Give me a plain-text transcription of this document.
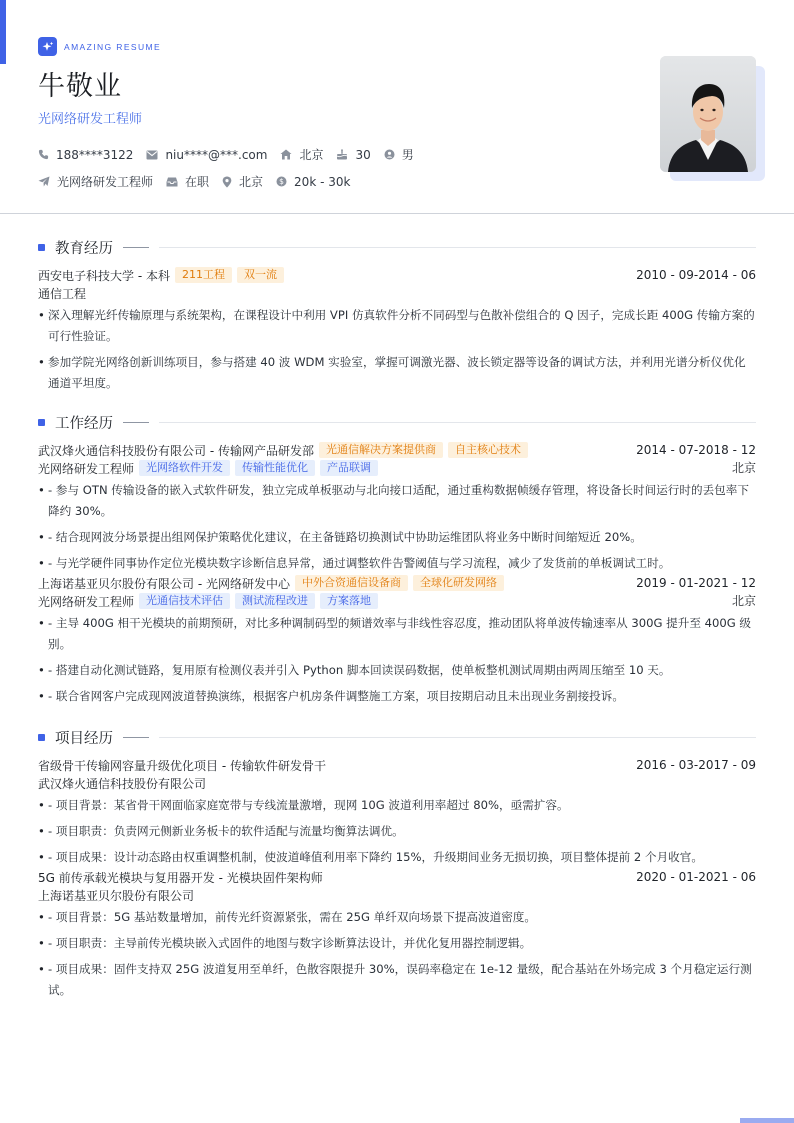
AMAZING RESUME
牛敬业
光网络研发工程师
188****3122	niu****@***.com	北京	30	男
光网络研发工程师	在职	北京 $ 20k - 30k
教育经历
西安电子科技大学 - 本科	211工程	双一流	2010 - 09-2014 - 06
通信工程
• 深入理解光纤传输原理与系统架构，在课程设计中利用 VPI 仿真软件分析不同码型与色散补偿组合的 Q 因子，完成长距 400G 传输方案的可行性验证。
• 参加学院光网络创新训练项目，参与搭建 40 波 WDM 实验室，掌握可调激光器、波长锁定器等设备的调试方法，并利用光谱分析仪优化通道平坦度。
工作经历
武汉烽火通信科技股份有限公司 - 传输网产品研发部	光通信解决方案提供商	自主核心技术	2014 - 07-2018 - 12
光网络研发工程师	光网络软件开发	传输性能优化	产品联调	北京
• - 参与 OTN 传输设备的嵌入式软件研发，独立完成单板驱动与北向接口适配，通过重构数据帧缓存管理，将设备长时间运行时的丢包率下降约 30%。
• - 结合现网波分场景提出组网保护策略优化建议，在主备链路切换测试中协助运维团队将业务中断时间缩短近 20%。
• - 与光学硬件同事协作定位光模块数字诊断信息异常，通过调整软件告警阈值与学习流程，减少了发货前的单板调试工时。
上海诺基亚贝尔股份有限公司 - 光网络研发中心	中外合资通信设备商	全球化研发网络	2019 - 01-2021 - 12
光网络研发工程师	光通信技术评估	测试流程改进	方案落地	北京
• - 主导 400G 相干光模块的前期预研，对比多种调制码型的频谱效率与非线性容忍度，推动团队将单波传输速率从 300G 提升至 400G 级别。
• - 搭建自动化测试链路，复用原有检测仪表并引入 Python 脚本回读误码数据，使单板整机测试周期由两周压缩至 10 天。
• - 联合省网客户完成现网波道替换演练，根据客户机房条件调整施工方案，项目按期启动且未出现业务割接投诉。
项目经历
省级骨干传输网容量升级优化项目 - 传输软件研发骨干	2016 - 03-2017 - 09
武汉烽火通信科技股份有限公司
• - 项目背景：某省骨干网面临家庭宽带与专线流量激增，现网 10G 波道利用率超过 80%，亟需扩容。
• - 项目职责：负责网元侧新业务板卡的软件适配与流量均衡算法调优。
• - 项目成果：设计动态路由权重调整机制，使波道峰值利用率下降约 15%，升级期间业务无损切换，项目整体提前 2 个月收官。
5G 前传承载光模块与复用器开发 - 光模块固件架构师	2020 - 01-2021 - 06
上海诺基亚贝尔股份有限公司
• - 项目背景：5G 基站数量增加，前传光纤资源紧张，需在 25G 单纤双向场景下提高波道密度。
• - 项目职责：主导前传光模块嵌入式固件的地图与数字诊断算法设计，并优化复用器控制逻辑。
• - 项目成果：固件支持双 25G 波道复用至单纤，色散容限提升 30%，误码率稳定在 1e-12 量级，配合基站在外场完成 3 个月稳定运行测试。
